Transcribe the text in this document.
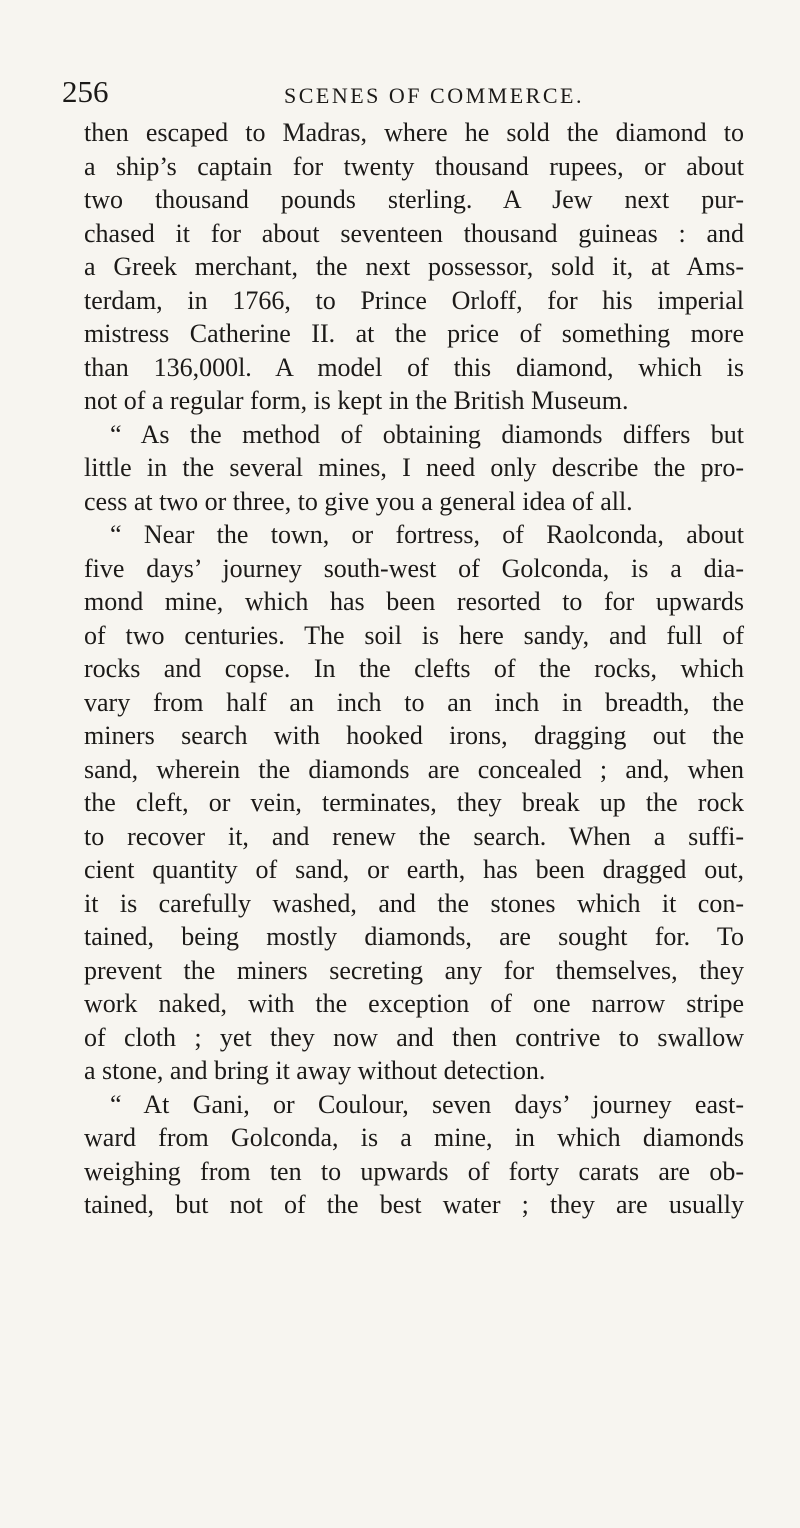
256	SCENES OF COMMERCE.
then escaped to Madras, where he sold the diamond to
a ship’s captain for twenty thousand rupees, or about
two thousand pounds sterling. A Jew next pur-
chased it for about seventeen thousand guineas : and
a Greek merchant, the next possessor, sold it, at Ams-
terdam, in 1766, to Prince Orloff, for his imperial
mistress Catherine II. at the price of something more
than 136,000l. A model of this diamond, which is
not of a regular form, is kept in the British Museum.
“ As the method of obtaining diamonds differs but
little in the several mines, I need only describe the pro-
cess at two or three, to give you a general idea of all.
“ Near the town, or fortress, of Raolconda, about
five days’ journey south-west of Golconda, is a dia-
mond mine, which has been resorted to for upwards
of two centuries. The soil is here sandy, and full of
rocks and copse. In the clefts of the rocks, which
vary from half an inch to an inch in breadth, the
miners search with hooked irons, dragging out the
sand, wherein the diamonds are concealed ; and, when
the cleft, or vein, terminates, they break up the rock
to recover it, and renew the search. When a suffi-
cient quantity of sand, or earth, has been dragged out,
it is carefully washed, and the stones which it con-
tained, being mostly diamonds, are sought for. To
prevent the miners secreting any for themselves, they
work naked, with the exception of one narrow stripe
of cloth ; yet they now and then contrive to swallow
a stone, and bring it away without detection.
“ At Gani, or Coulour, seven days’ journey east-
ward from Golconda, is a mine, in which diamonds
weighing from ten to upwards of forty carats are ob-
tained, but not of the best water ; they are usually
